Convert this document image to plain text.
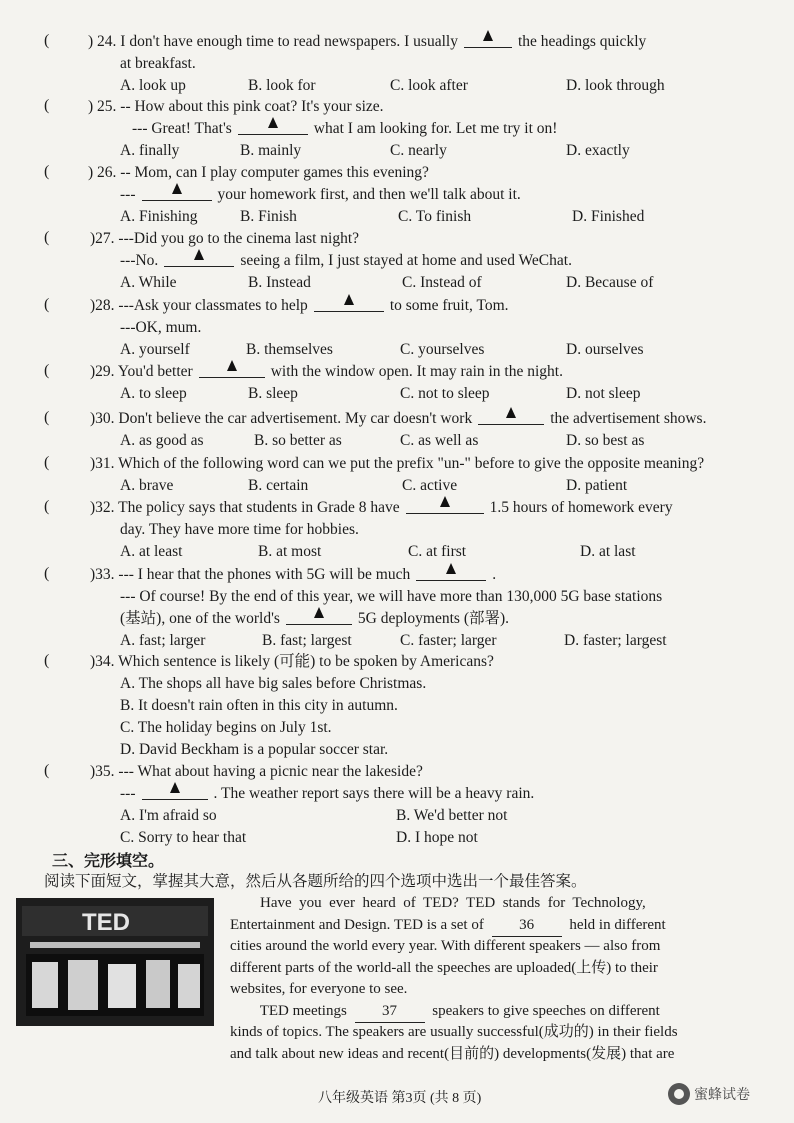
( ) 24. I don't have enough time to read newspapers. I usually	the headings quickly
at breakfast.
A. look up	B. look for	C. look after	D. look through
( ) 25. -- How about this pink coat? It's your size.
--- Great! That's	what I am looking for. Let me try it on!
A. finally	B. mainly	C. nearly	D. exactly
( ) 26. -- Mom, can I play computer games this evening?
---	your homework first, and then we'll talk about it.
A. Finishing	B. Finish	C. To finish	D. Finished
( )27. ---Did you go to the cinema last night?
---No.	seeing a film, I just stayed at home and used WeChat.
A. While	B. Instead	C. Instead of	D. Because of
( )28. ---Ask your classmates to help	to some fruit, Tom.
---OK, mum.
A. yourself	B. themselves	C. yourselves	D. ourselves
( )29. You'd better	with the window open. It may rain in the night.
A. to sleep	B. sleep	C. not to sleep	D. not sleep
( )30. Don't believe the car advertisement. My car doesn't work	the advertisement shows.
A. as good as	B. so better as	C. as well as	D. so best as
( )31. Which of the following word can we put the prefix "un-" before to give the opposite meaning?
A. brave	B. certain	C. active	D. patient
( )32. The policy says that students in Grade 8 have	1.5 hours of homework every
day. They have more time for hobbies.
A. at least	B. at most	C. at first	D. at last
( )33. --- I hear that the phones with 5G will be much	.
--- Of course! By the end of this year, we will have more than 130,000 5G base stations
(基站), one of the world's	5G deployments (部署).
A. fast; larger	B. fast; largest	C. faster; larger	D. faster; largest
( )34. Which sentence is likely (可能) to be spoken by Americans?
A. The shops all have big sales before Christmas.
B. It doesn't rain often in this city in autumn.
C. The holiday begins on July 1st.
D. David Beckham is a popular soccer star.
( )35. --- What about having a picnic near the lakeside?
---	. The weather report says there will be a heavy rain.
A. I'm afraid so	B. We'd better not
C. Sorry to hear that	D. I hope not
三、完形填空。
阅读下面短文，掌握其大意，然后从各题所给的四个选项中选出一个最佳答案。
TED
Have  you  ever  heard  of  TED?  TED  stands  for  Technology,
Entertainment and Design. TED is a set of 36 held in different
cities around the world every year. With different speakers — also from
different parts of the world-all the speeches are uploaded(上传) to their
websites, for everyone to see.
TED meetings 37 speakers to give speeches on different
kinds of topics. The speakers are usually successful(成功的) in their fields
and talk about new ideas and recent(目前的) developments(发展) that are
八年级英语 第3页 (共 8 页)	蜜蜂试卷
